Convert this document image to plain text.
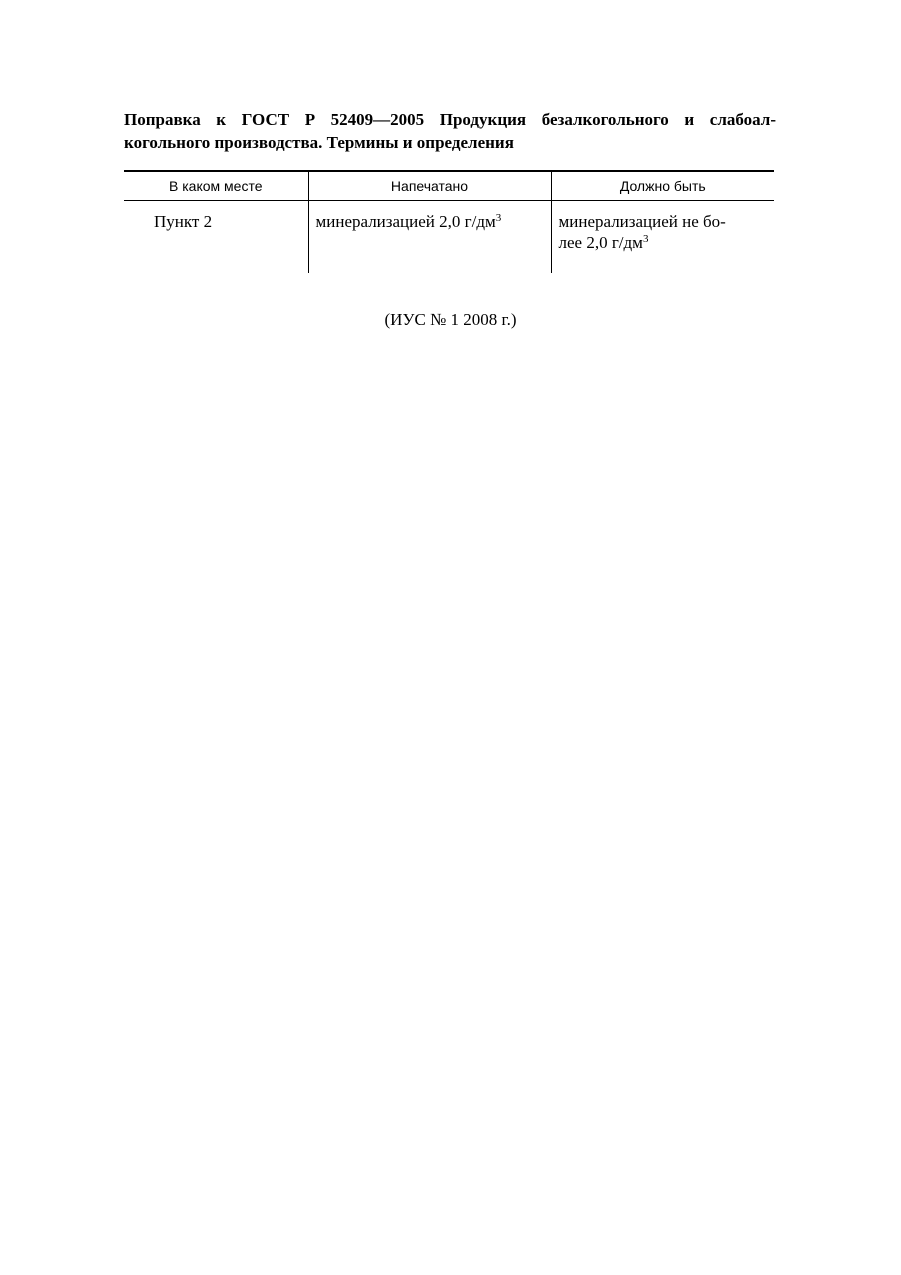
Поправка к ГОСТ Р 52409—2005 Продукция безалкогольного и слабоал-
когольного производства. Термины и определения
В каком месте	Напечатано	Должно быть
Пункт 2	минерализацией 2,0 $г/дм^3$	минерализацией не бо-
лее 2,0 $г/дм^3$

(ИУС № 1 2008 г.)
